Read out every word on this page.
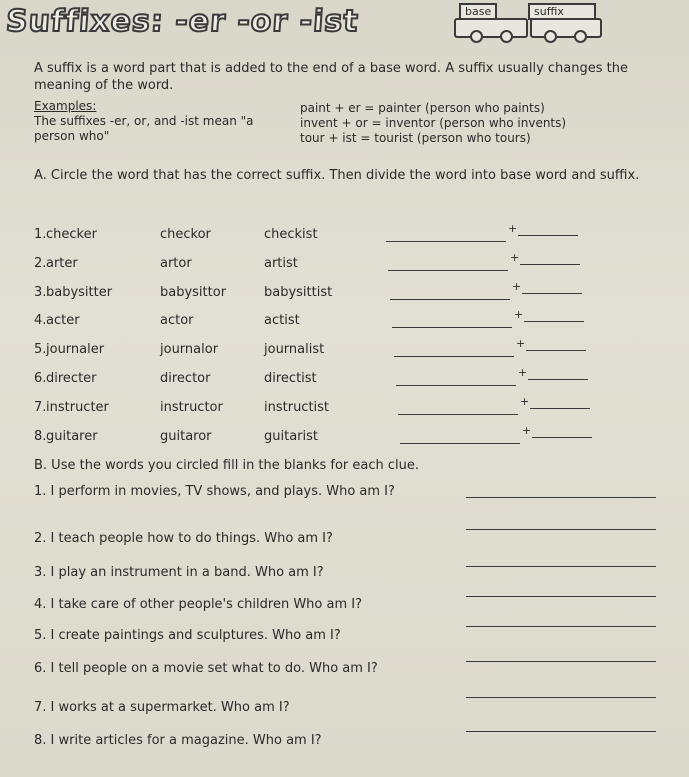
Suffixes: -er -or -ist	base	suffix
A suffix is a word part that is added to the end of a base word. A suffix usually changes the meaning of the word.
Examples:
The suffixes -er, or, and -ist mean "a person who"
paint + er = painter (person who paints)
invent + or = inventor (person who invents)
tour + ist = tourist (person who tours)
A. Circle the word that has the correct suffix. Then divide the word into base word and suffix.
1. checker	checkor	checkist	+
2. arter	artor	artist	+
3. babysitter	babysittor	babysittist	+
4. acter	actor	actist	+
5. journaler	journalor	journalist	+
6. directer	director	directist	+
7. instructer	instructor	instructist	+
8. guitarer	guitaror	guitarist	+
B. Use the words you circled fill in the blanks for each clue.
1. I perform in movies, TV shows, and plays. Who am I?
2. I teach people how to do things. Who am I?
3. I play an instrument in a band. Who am I?
4. I take care of other people's children Who am I?
5. I create paintings and sculptures. Who am I?
6. I tell people on a movie set what to do. Who am I?
7. I works at a supermarket. Who am I?
8. I write articles for a magazine. Who am I?
